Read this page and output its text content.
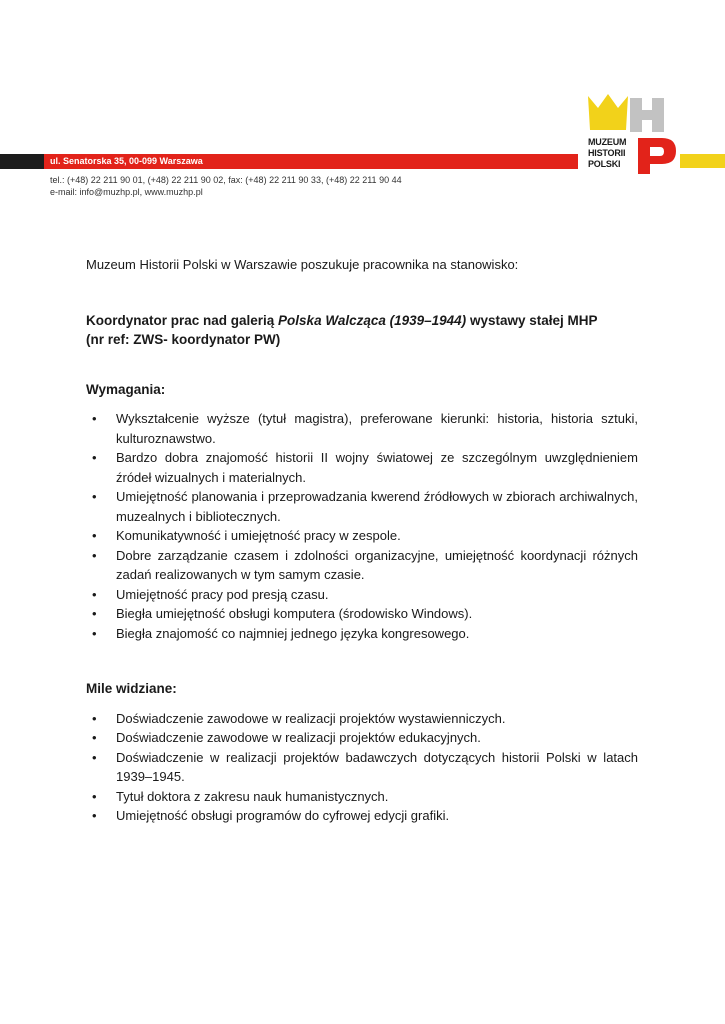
ul. Senatorska 35, 00-099 Warszawa
tel.: (+48) 22 211 90 01, (+48) 22 211 90 02, fax: (+48) 22 211 90 33, (+48) 22 211 90 44
e-mail: info@muzhp.pl, www.muzhp.pl
MUZEUM
HISTORII
POLSKI

Muzeum Historii Polski w Warszawie poszukuje pracownika na stanowisko:

Koordynator prac nad galerią Polska Walcząca (1939–1944) wystawy stałej MHP
(nr ref: ZWS- koordynator PW)
Wymagania:
• Wykształcenie wyższe (tytuł magistra), preferowane kierunki: historia, historia sztuki, kulturoznawstwo.
• Bardzo dobra znajomość historii II wojny światowej ze szczególnym uwzględnieniem źródeł wizualnych i materialnych.
• Umiejętność planowania i przeprowadzania kwerend źródłowych w zbiorach archiwalnych, muzealnych i bibliotecznych.
• Komunikatywność i umiejętność pracy w zespole.
• Dobre zarządzanie czasem i zdolności organizacyjne, umiejętność koordynacji różnych zadań realizowanych w tym samym czasie.
• Umiejętność pracy pod presją czasu.
• Biegła umiejętność obsługi komputera (środowisko Windows).
• Biegła znajomość co najmniej jednego języka kongresowego.
Mile widziane:
• Doświadczenie zawodowe w realizacji projektów wystawienniczych.
• Doświadczenie zawodowe w realizacji projektów edukacyjnych.
• Doświadczenie w realizacji projektów badawczych dotyczących historii Polski w latach 1939–1945.
• Tytuł doktora z zakresu nauk humanistycznych.
• Umiejętność obsługi programów do cyfrowej edycji grafiki.
